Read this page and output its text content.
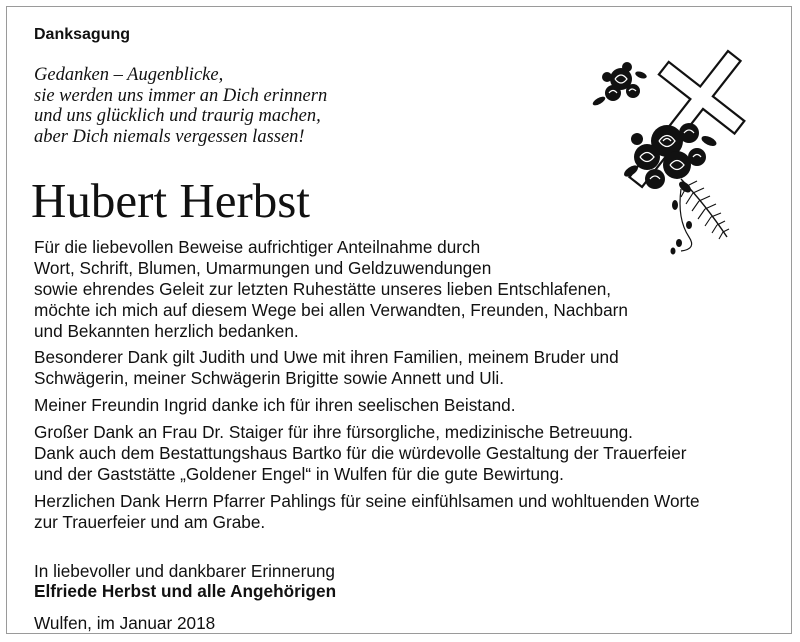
Danksagung
Gedanken – Augenblicke,
sie werden uns immer an Dich erinnern
und uns glücklich und traurig machen,
aber Dich niemals vergessen lassen!
Hubert Herbst

Für die liebevollen Beweise aufrichtiger Anteilnahme durch
Wort, Schrift, Blumen, Umarmungen und Geldzuwendungen
sowie ehrendes Geleit zur letzten Ruhestätte unseres lieben Entschlafenen,
möchte ich mich auf diesem Wege bei allen Verwandten, Freunden, Nachbarn
und Bekannten herzlich bedanken.

Besonderer Dank gilt Judith und Uwe mit ihren Familien, meinem Bruder und
Schwägerin, meiner Schwägerin Brigitte sowie Annett und Uli.

Meiner Freundin Ingrid danke ich für ihren seelischen Beistand.

Großer Dank an Frau Dr. Staiger für ihre fürsorgliche, medizinische Betreuung.
Dank auch dem Bestattungshaus Bartko für die würdevolle Gestaltung der Trauerfeier
und der Gaststätte „Goldener Engel“ in Wulfen für die gute Bewirtung.

Herzlichen Dank Herrn Pfarrer Pahlings für seine einfühlsamen und wohltuenden Worte
zur Trauerfeier und am Grabe.

In liebevoller und dankbarer Erinnerung
Elfriede Herbst und alle Angehörigen
Wulfen, im Januar 2018
